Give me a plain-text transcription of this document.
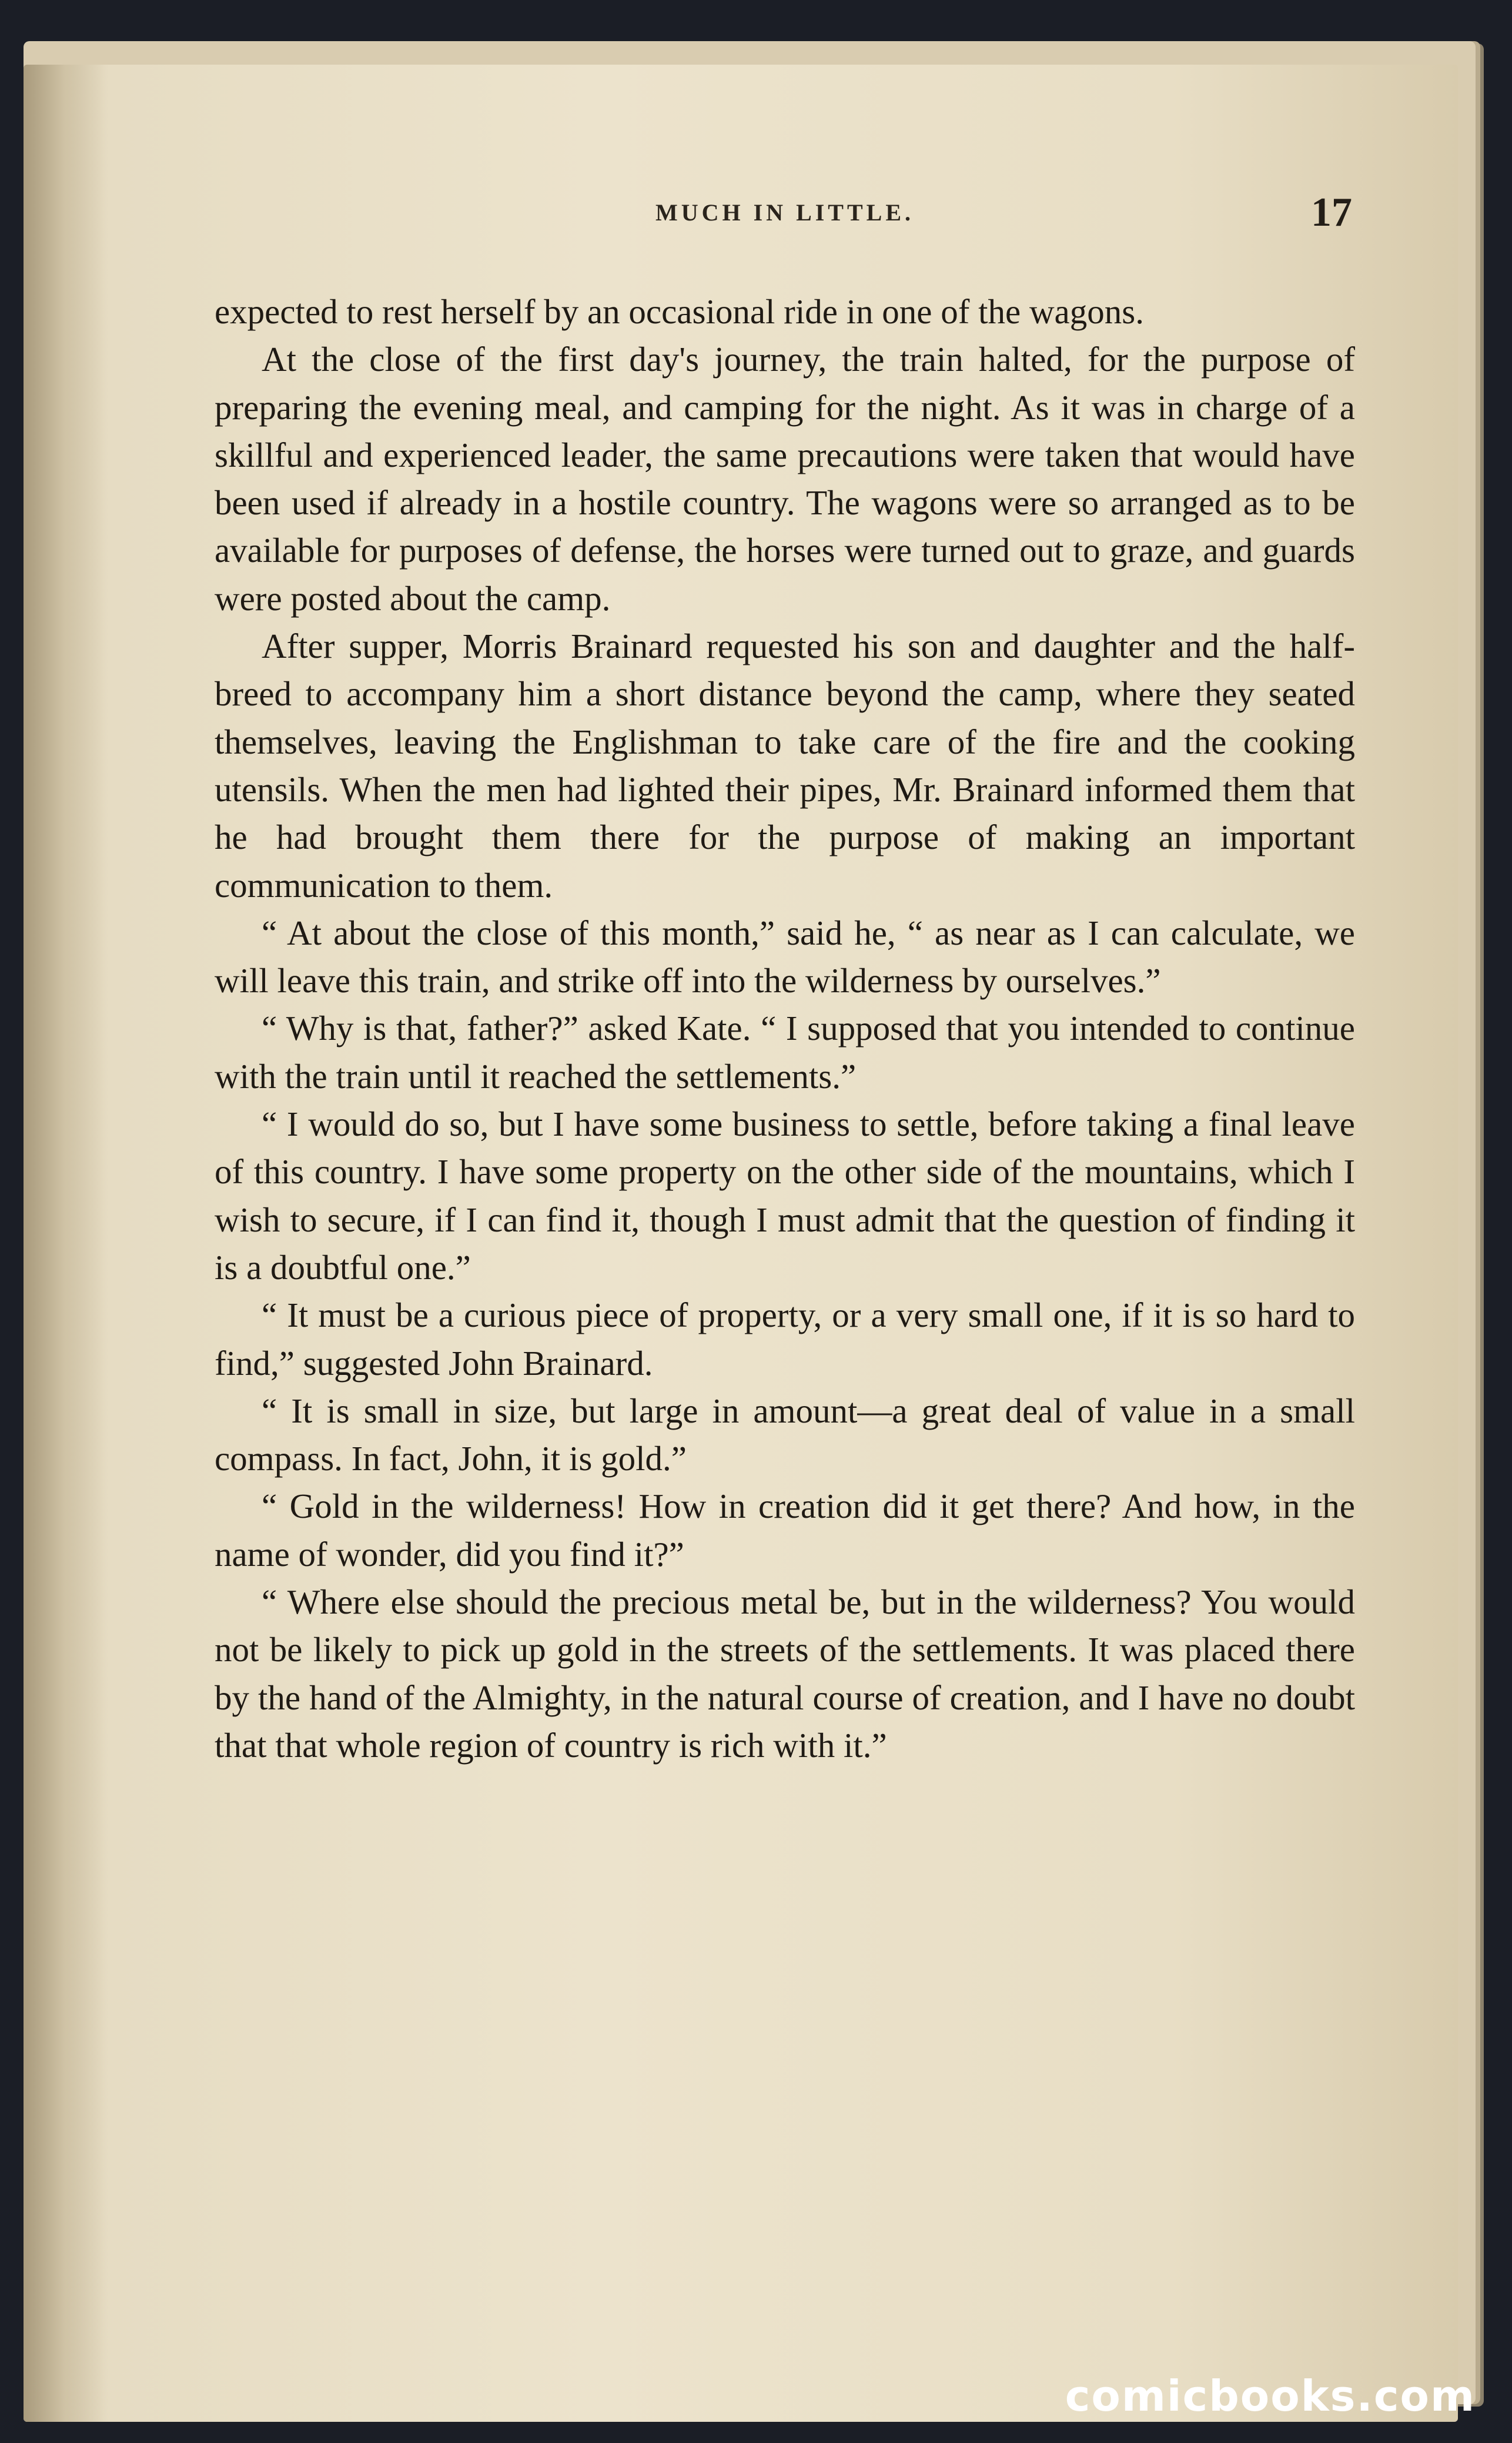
MUCH IN LITTLE.	17

expected to rest herself by an occasional ride in one of the wagons.

At the close of the first day's journey, the train halted, for the purpose of preparing the evening meal, and camping for the night. As it was in charge of a skillful and experienced leader, the same precautions were taken that would have been used if already in a hostile country. The wagons were so arranged as to be available for purposes of defense, the horses were turned out to graze, and guards were posted about the camp.

After supper, Morris Brainard requested his son and daughter and the half-breed to accompany him a short distance beyond the camp, where they seated themselves, leaving the Englishman to take care of the fire and the cooking utensils. When the men had lighted their pipes, Mr. Brainard informed them that he had brought them there for the purpose of making an important communication to them.

“ At about the close of this month,” said he, “ as near as I can calculate, we will leave this train, and strike off into the wilderness by ourselves.”

“ Why is that, father?” asked Kate. “ I supposed that you intended to continue with the train until it reached the settlements.”

“ I would do so, but I have some business to settle, before taking a final leave of this country. I have some property on the other side of the mountains, which I wish to secure, if I can find it, though I must admit that the question of finding it is a doubtful one.”

“ It must be a curious piece of property, or a very small one, if it is so hard to find,” suggested John Brainard.

“ It is small in size, but large in amount—a great deal of value in a small compass. In fact, John, it is gold.”

“ Gold in the wilderness! How in creation did it get there? And how, in the name of wonder, did you find it?”

“ Where else should the precious metal be, but in the wilderness? You would not be likely to pick up gold in the streets of the settlements. It was placed there by the hand of the Almighty, in the natural course of creation, and I have no doubt that that whole region of country is rich with it.”

comicbooks.com
